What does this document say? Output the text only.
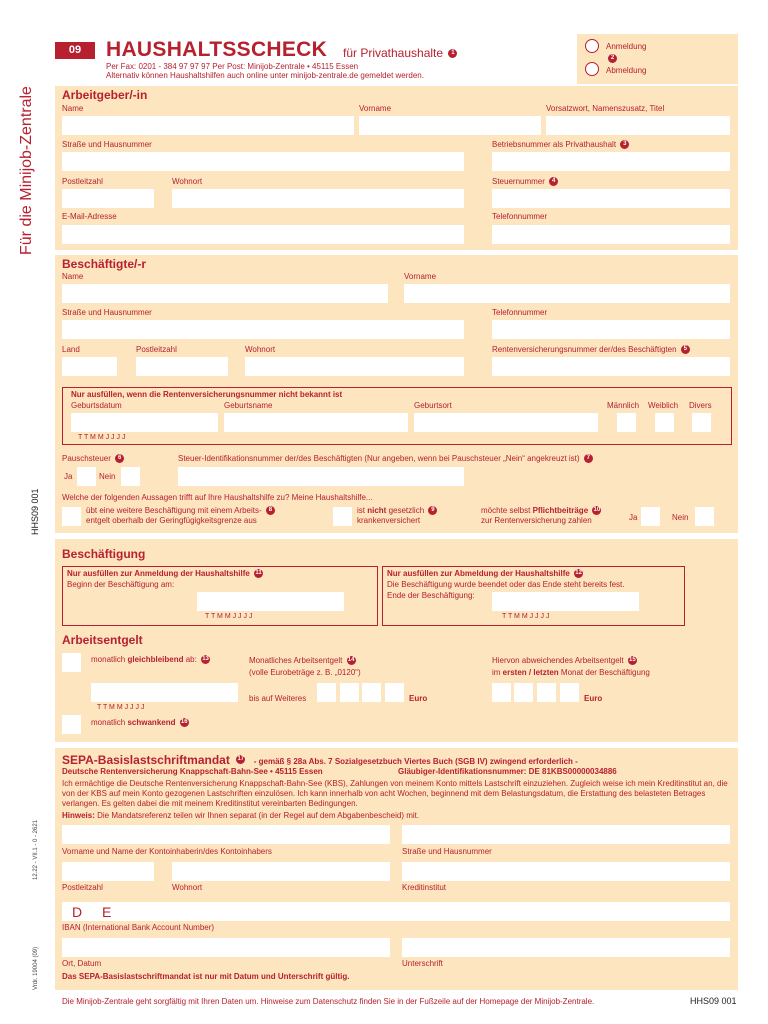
Für die Minijob-Zentrale
HHS09 001
12.22 - VII.1 - 0 - 2621
Vrdr. 19004 (09)
09	HAUSHALTSSCHECK für Privathaushalte 1
Per Fax: 0201 - 384 97 97 97 Per Post: Minijob-Zentrale • 45115 Essen
Alternativ können Haushaltshilfen auch online unter minijob-zentrale.de gemeldet werden.
Anmeldung
2
Abmeldung
Arbeitgeber/-in
Name	Vorname	Vorsatzwort, Namenszusatz, Titel
Straße und Hausnummer	Betriebsnummer als Privathaushalt 3
Postleitzahl	Wohnort	Steuernummer 4
E-Mail-Adresse	Telefonnummer
Beschäftigte/-r
Name	Vorname
Straße und Hausnummer	Telefonnummer
Land	Postleitzahl	Wohnort	Rentenversicherungsnummer der/des Beschäftigten 5
Nur ausfüllen, wenn die Rentenversicherungsnummer nicht bekannt ist
Geburtsdatum
T T M M J J J J
Geburtsname	Geburtsort	Männlich Weiblich Divers
Pauschsteuer 6
Ja	Nein
Steuer-Identifikationsnummer der/des Beschäftigten (Nur angeben, wenn bei Pauschsteuer „Nein“ angekreuzt ist) 7
Welche der folgenden Aussagen trifft auf Ihre Haushaltshilfe zu? Meine Haushaltshilfe...
übt eine weitere Beschäftigung mit einem Arbeits- 8
entgelt oberhalb der Geringfügigkeitsgrenze aus
ist nicht gesetzlich 9
krankenversichert
möchte selbst Pflichtbeiträge 10
zur Rentenversicherung zahlen	Ja	Nein
Beschäftigung
Nur ausfüllen zur Anmeldung der Haushaltshilfe 11
Beginn der Beschäftigung am:
T T M M J J J J
Nur ausfüllen zur Abmeldung der Haushaltshilfe 12
Die Beschäftigung wurde beendet oder das Ende steht bereits fest.
Ende der Beschäftigung:
T T M M J J J J
Arbeitsentgelt
monatlich gleichbleibend ab: 13	Monatliches Arbeitsentgelt 14
(volle Eurobeträge z. B. „0120“)
Hiervon abweichendes Arbeitsentgelt 15
im ersten / letzten Monat der Beschäftigung
T T M M J J J J
bis auf Weiteres	Euro	Euro
monatlich schwankend 16
SEPA-Basislastschriftmandat 17 - gemäß § 28a Abs. 7 Sozialgesetzbuch Viertes Buch (SGB IV) zwingend erforderlich -
Deutsche Rentenversicherung Knappschaft-Bahn-See • 45115 Essen	Gläubiger-Identifikationsnummer: DE 81KBS00000034886
Ich ermächtige die Deutsche Rentenversicherung Knappschaft-Bahn-See (KBS), Zahlungen von meinem Konto mittels Lastschrift einzuziehen. Zugleich weise ich mein Kreditinstitut an, die von der KBS auf mein Konto gezogenen Lastschriften einzulösen. Ich kann innerhalb von acht Wochen, beginnend mit dem Belastungsdatum, die Erstattung des belasteten Betrages verlangen. Es gelten dabei die mit meinem Kreditinstitut vereinbarten Bedingungen.
Hinweis: Die Mandatsreferenz teilen wir Ihnen separat (in der Regel auf dem Abgabenbescheid) mit.
Vorname und Name der Kontoinhaberin/des Kontoinhabers	Straße und Hausnummer
Postleitzahl	Wohnort	Kreditinstitut
D E
IBAN (International Bank Account Number)
Ort, Datum	Unterschrift
Das SEPA-Basislastschriftmandat ist nur mit Datum und Unterschrift gültig.
Die Minijob-Zentrale geht sorgfältig mit Ihren Daten um. Hinweise zum Datenschutz finden Sie in der Fußzeile auf der Homepage der Minijob-Zentrale.	HHS09 001
